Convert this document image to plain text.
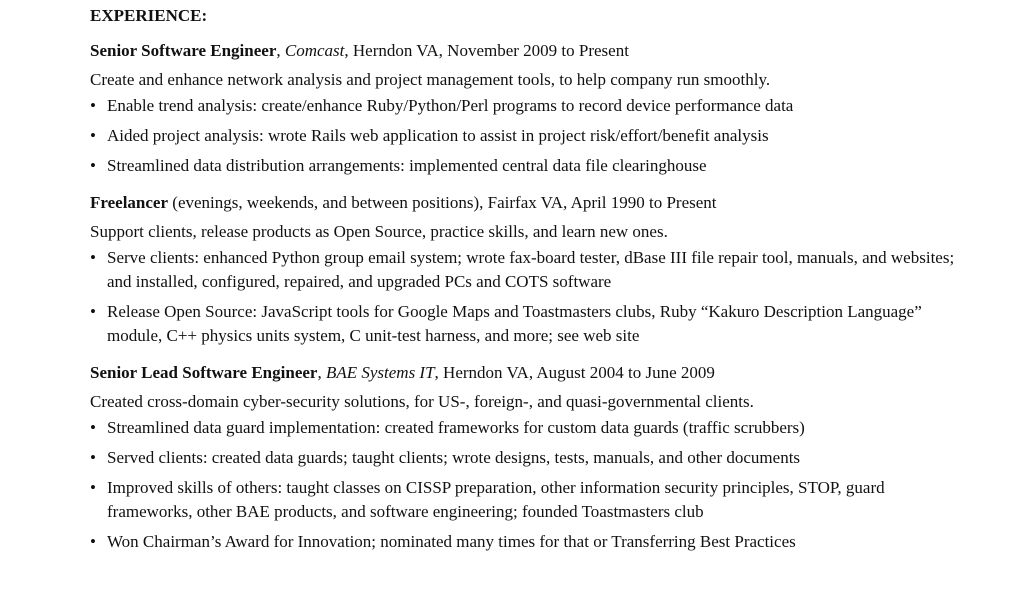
EXPERIENCE:
Senior Software Engineer, Comcast, Herndon VA, November 2009 to Present
Create and enhance network analysis and project management tools, to help company run smoothly.
• Enable trend analysis: create/enhance Ruby/Python/Perl programs to record device performance data
• Aided project analysis: wrote Rails web application to assist in project risk/effort/benefit analysis
• Streamlined data distribution arrangements: implemented central data file clearinghouse
Freelancer (evenings, weekends, and between positions), Fairfax VA, April 1990 to Present
Support clients, release products as Open Source, practice skills, and learn new ones.
• Serve clients: enhanced Python group email system; wrote fax-board tester, dBase III file repair tool, manuals, and websites; and installed, configured, repaired, and upgraded PCs and COTS software
• Release Open Source: JavaScript tools for Google Maps and Toastmasters clubs, Ruby “Kakuro Description Language” module, C++ physics units system, C unit-test harness, and more; see web site
Senior Lead Software Engineer, BAE Systems IT, Herndon VA, August 2004 to June 2009
Created cross-domain cyber-security solutions, for US-, foreign-, and quasi-governmental clients.
• Streamlined data guard implementation: created frameworks for custom data guards (traffic scrubbers)
• Served clients: created data guards; taught clients; wrote designs, tests, manuals, and other documents
• Improved skills of others: taught classes on CISSP preparation, other information security principles, STOP, guard frameworks, other BAE products, and software engineering; founded Toastmasters club
• Won Chairman’s Award for Innovation; nominated many times for that or Transferring Best Practices
